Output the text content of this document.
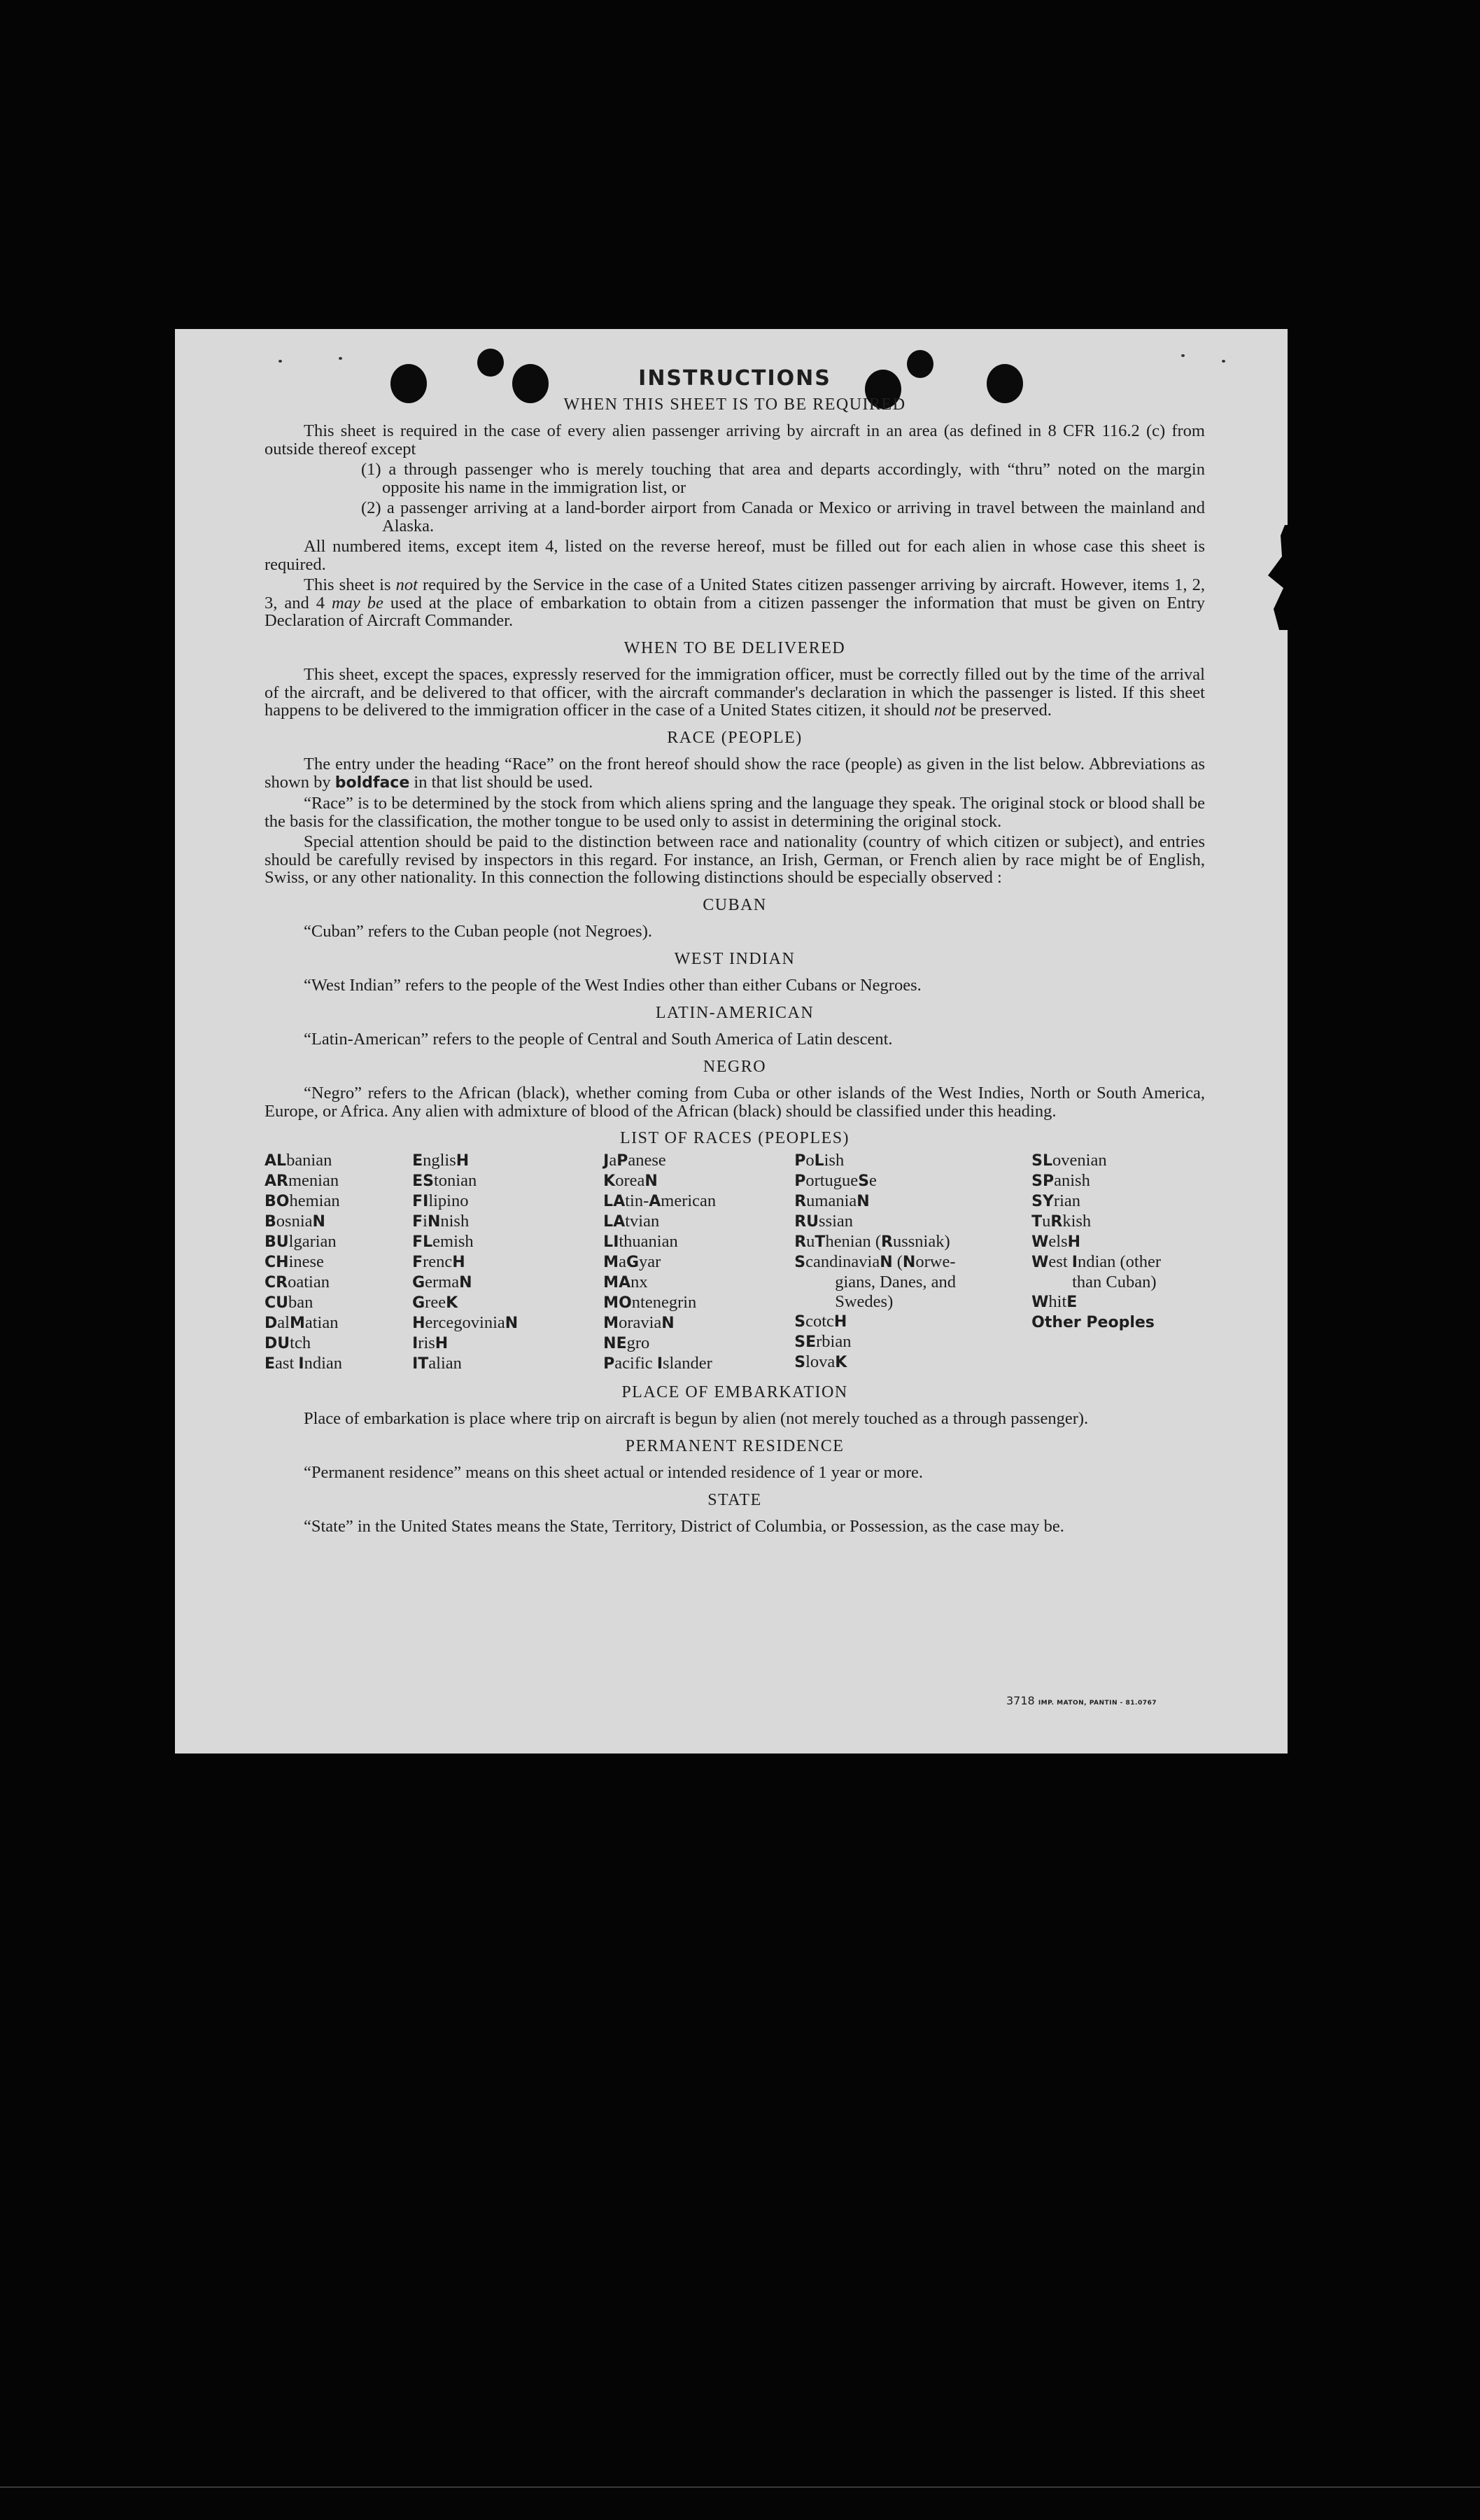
INSTRUCTIONS
WHEN THIS SHEET IS TO BE REQUIRED

This sheet is required in the case of every alien passenger arriving by aircraft in an area (as defined in 8 CFR 116.2 (c) from outside thereof except

(1) a through passenger who is merely touching that area and departs accordingly, with “thru” noted on the margin opposite his name in the immigration list, or

(2) a passenger arriving at a land-border airport from Canada or Mexico or arriving in travel between the mainland and Alaska.

All numbered items, except item 4, listed on the reverse hereof, must be filled out for each alien in whose case this sheet is required.

This sheet is not required by the Service in the case of a United States citizen passenger arriving by aircraft. However, items 1, 2, 3, and 4 may be used at the place of embarkation to obtain from a citizen passenger the information that must be given on Entry Declaration of Aircraft Commander.

WHEN TO BE DELIVERED

This sheet, except the spaces, expressly reserved for the immigration officer, must be correctly filled out by the time of the arrival of the aircraft, and be delivered to that officer, with the aircraft commander's declaration in which the passenger is listed. If this sheet happens to be delivered to the immigration officer in the case of a United States citizen, it should not be preserved.

RACE (PEOPLE)

The entry under the heading “Race” on the front hereof should show the race (people) as given in the list below. Abbreviations as shown by boldface in that list should be used.

“Race” is to be determined by the stock from which aliens spring and the language they speak. The original stock or blood shall be the basis for the classification, the mother tongue to be used only to assist in determining the original stock.

Special attention should be paid to the distinction between race and nationality (country of which citizen or subject), and entries should be carefully revised by inspectors in this regard. For instance, an Irish, German, or French alien by race might be of English, Swiss, or any other nationality. In this connection the following distinctions should be especially observed :

CUBAN

“Cuban” refers to the Cuban people (not Negroes).

WEST INDIAN

“West Indian” refers to the people of the West Indies other than either Cubans or Negroes.

LATIN-AMERICAN

“Latin-American” refers to the people of Central and South America of Latin descent.

NEGRO

“Negro” refers to the African (black), whether coming from Cuba or other islands of the West Indies, North or South America, Europe, or Africa. Any alien with admixture of blood of the African (black) should be classified under this heading.

LIST OF RACES (PEOPLES)
ALbanian
ARmenian
BOhemian
BosniaN
BUlgarian
CHinese
CRoatian
CUban
DalMatian
DUtch
East Indian
EnglisH
EStonian
FIlipino
FiNnish
FLemish
FrencH
GermaN
GreeK
HercegoviniaN
IrisH
ITalian
JaPanese
KoreaN
LAtin-American
LAtvian
LIthuanian
MaGyar
MAnx
MOntenegrin
MoraviaN
NEgro
Pacific Islander
PoLish
PortugueSe
RumaniaN
RUssian
RuThenian (Russniak)
ScandinaviaN (Norwe-
gians, Danes, and
Swedes)
ScotcH
SErbian
SlovaK
SLovenian
SPanish
SYrian
TuRkish
WelsH
West Indian (other
than Cuban)
WhitE
Other Peoples
PLACE OF EMBARKATION

Place of embarkation is place where trip on aircraft is begun by alien (not merely touched as a through passenger).

PERMANENT RESIDENCE

“Permanent residence” means on this sheet actual or intended residence of 1 year or more.

STATE

“State” in the United States means the State, Territory, District of Columbia, or Possession, as the case may be.

3718 IMP. MATON, PANTIN - 81.0767
